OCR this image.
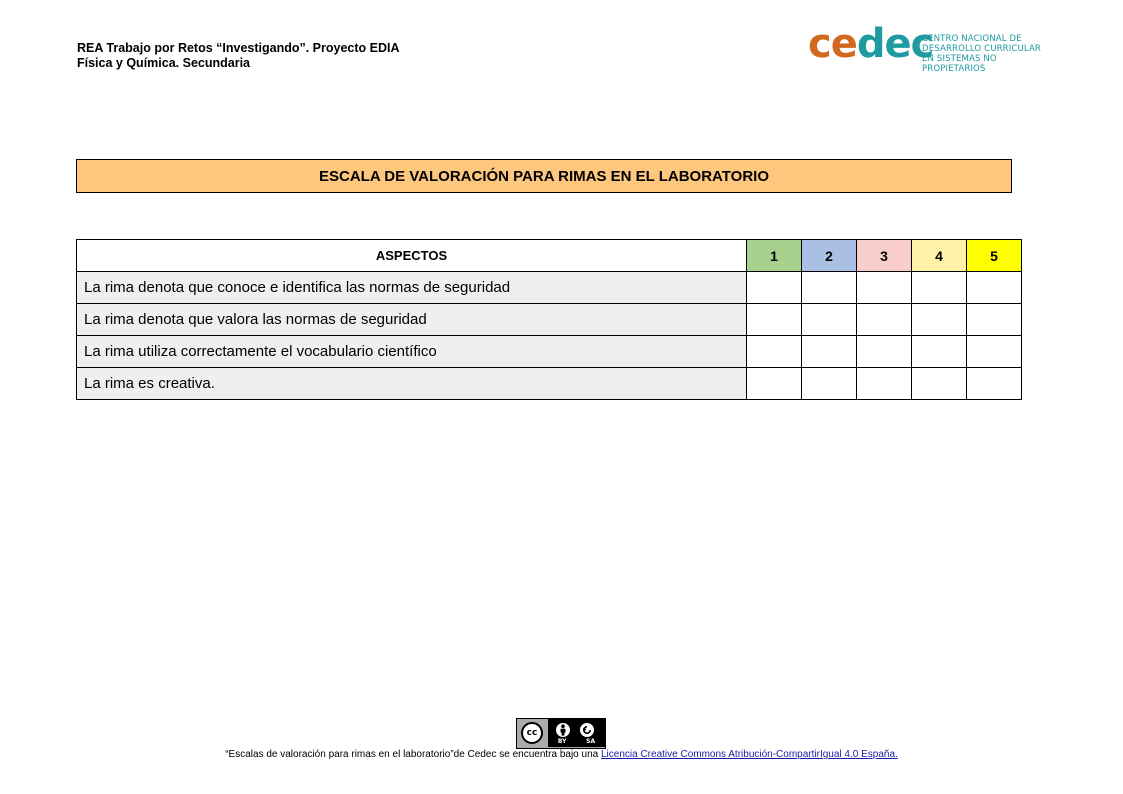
REA Trabajo por Retos “Investigando”. Proyecto EDIA
Física y Química. Secundaria	cedec
CENTRO NACIONAL DE
DESARROLLO CURRICULAR
EN SISTEMAS NO PROPIETARIOS
ESCALA DE VALORACIÓN PARA RIMAS EN EL LABORATORIO
ASPECTOS	1	2	3	4	5
La rima denota que conoce e identifica las normas de seguridad					
La rima denota que valora las normas de seguridad					
La rima utiliza correctamente el vocabulario científico					
La rima es creativa.					
cc
BY	SA
“Escalas de valoración para rimas en el laboratorio”de Cedec se encuentra bajo una Licencia Creative Commons Atribución-CompartirIgual 4.0 España.
